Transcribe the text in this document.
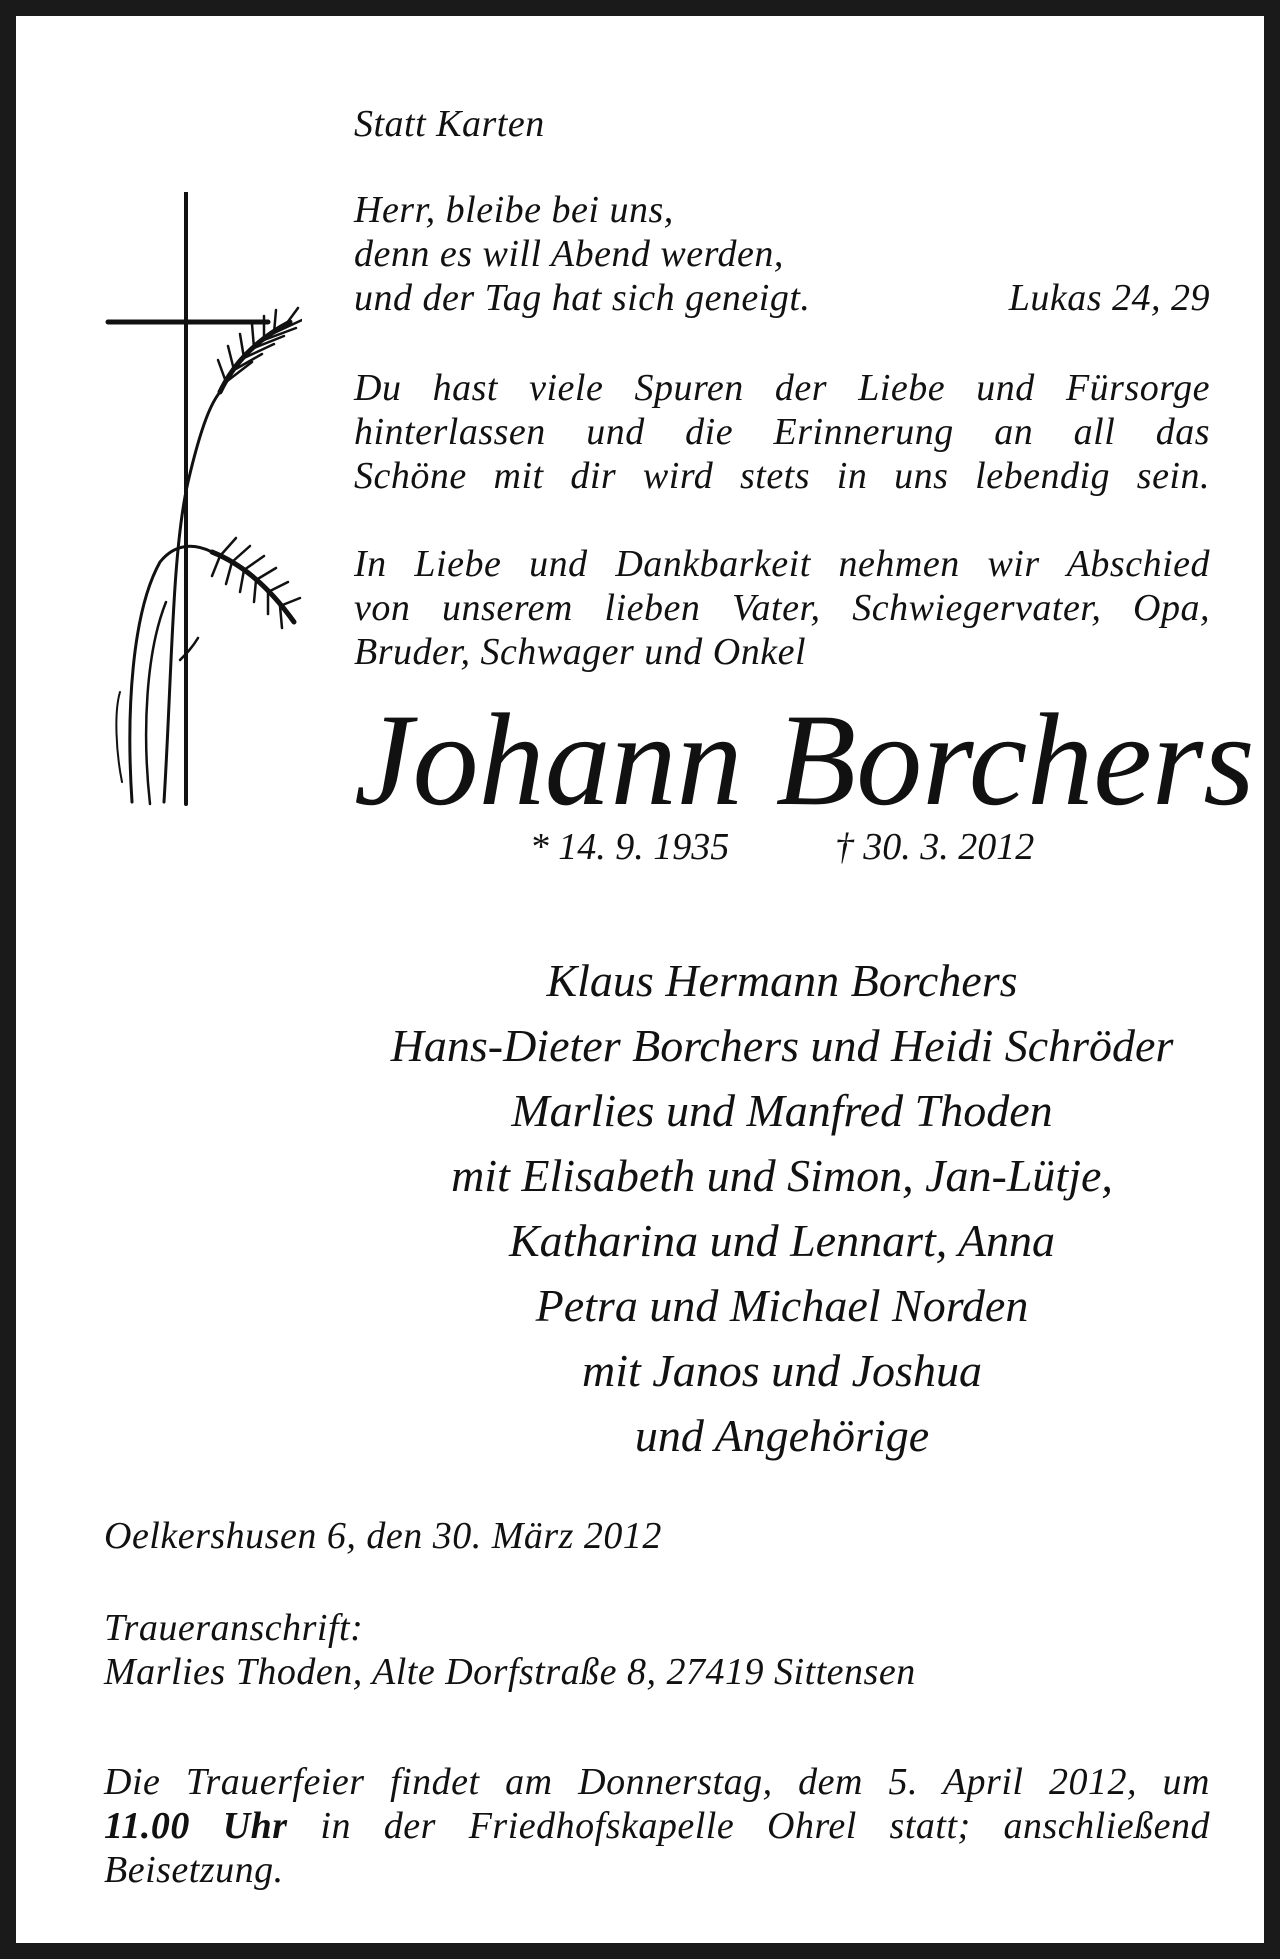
Statt Karten

Herr, bleibe bei uns,
denn es will Abend werden,
und der Tag hat sich geneigt.	Lukas 24, 29
Du hast viele Spuren der Liebe und Fürsorge
hinterlassen und die Erinnerung an all das
Schöne mit dir wird stets in uns lebendig sein.
In Liebe und Dankbarkeit nehmen wir Abschied
von unserem lieben Vater, Schwiegervater, Opa,
Bruder, Schwager und Onkel
Johann Borchers
* 14. 9. 1935	† 30. 3. 2012
Klaus Hermann Borchers
Hans-Dieter Borchers und Heidi Schröder
Marlies und Manfred Thoden
mit Elisabeth und Simon, Jan-Lütje,
Katharina und Lennart, Anna
Petra und Michael Norden
mit Janos und Joshua
und Angehörige

Oelkershusen 6, den 30. März 2012

Traueranschrift:
Marlies Thoden, Alte Dorfstraße 8, 27419 Sittensen
Die Trauerfeier findet am Donnerstag, dem 5. April 2012, um
11.00 Uhr in der Friedhofskapelle Ohrel statt; anschließend
Beisetzung.
